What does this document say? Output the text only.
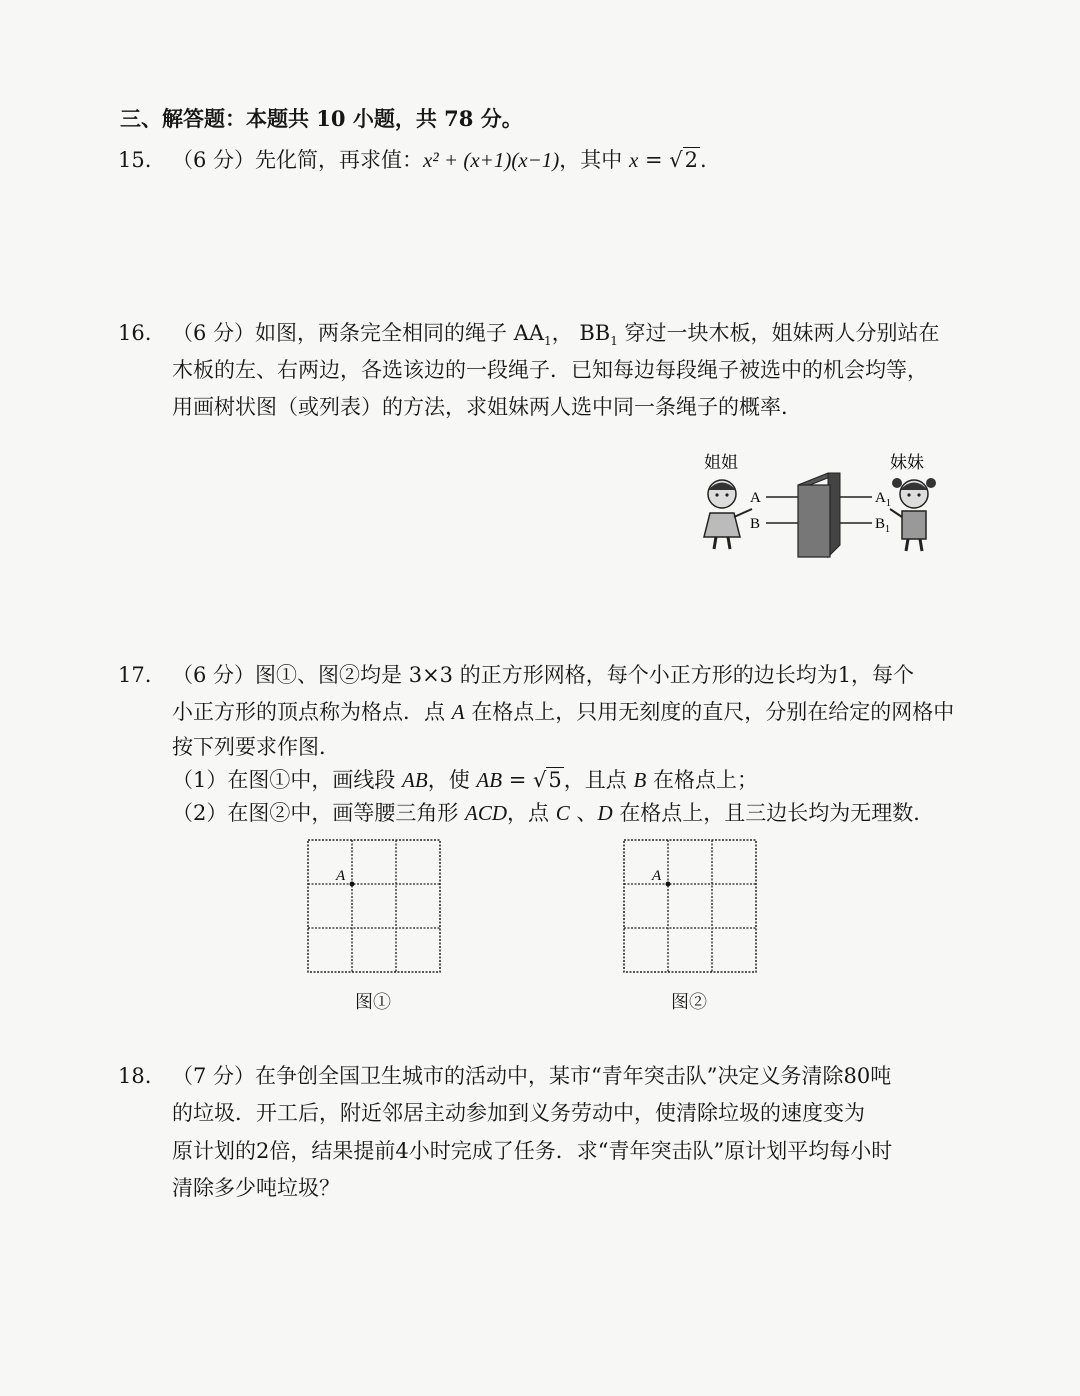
三、解答题：本题共 10 小题，共 78 分。
15. （6 分）先化简，再求值：x² + (x+1)(x−1)，其中 x = √2.
16. （6 分）如图，两条完全相同的绳子 $AA_1$， $BB_1$ 穿过一块木板，姐妹两人分别站在
木板的左、右两边，各选该边的一段绳子．已知每边每段绳子被选中的机会均等，
用画树状图（或列表）的方法，求姐妹两人选中同一条绳子的概率．
姐姐	妹妹
A
B
$A_1$
$B_1$
17. （6 分）图①、图②均是 3×3 的正方形网格，每个小正方形的边长均为1，每个
小正方形的顶点称为格点．点 A 在格点上，只用无刻度的直尺，分别在给定的网格中
按下列要求作图．
（1）在图①中，画线段 AB，使 AB = √5，且点 B 在格点上；
（2）在图②中，画等腰三角形 ACD，点 C 、D 在格点上，且三边长均为无理数．
A
图①
A
图②
18. （7 分）在争创全国卫生城市的活动中，某市“青年突击队”决定义务清除80吨
的垃圾．开工后，附近邻居主动参加到义务劳动中，使清除垃圾的速度变为
原计划的2倍，结果提前4小时完成了任务．求“青年突击队”原计划平均每小时
清除多少吨垃圾？
